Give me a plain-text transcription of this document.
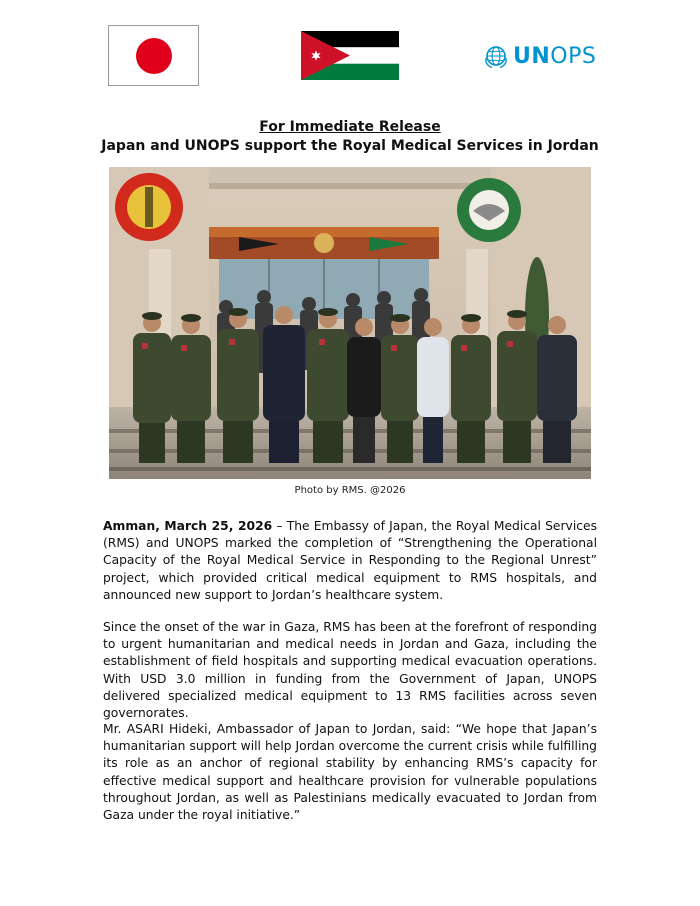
UNOPS
For Immediate Release
Japan and UNOPS support the Royal Medical Services in Jordan
Photo by RMS. @2026

Amman, March 25, 2026 – The Embassy of Japan, the Royal Medical Services (RMS) and UNOPS marked the completion of “Strengthening the Operational Capacity of the Royal Medical Service in Responding to the Regional Unrest” project, which provided critical medical equipment to RMS hospitals, and announced new support to Jordan’s healthcare system.

Since the onset of the war in Gaza, RMS has been at the forefront of responding to urgent humanitarian and medical needs in Jordan and Gaza, including the establishment of field hospitals and supporting medical evacuation operations. With USD 3.0 million in funding from the Government of Japan, UNOPS delivered specialized medical equipment to 13 RMS facilities across seven governorates.

Mr. ASARI Hideki, Ambassador of Japan to Jordan, said: “We hope that Japan’s humanitarian support will help Jordan overcome the current crisis while fulfilling its role as an anchor of regional stability by enhancing RMS’s capacity for effective medical support and healthcare provision for vulnerable populations throughout Jordan, as well as Palestinians medically evacuated to Jordan from Gaza under the royal initiative.”
